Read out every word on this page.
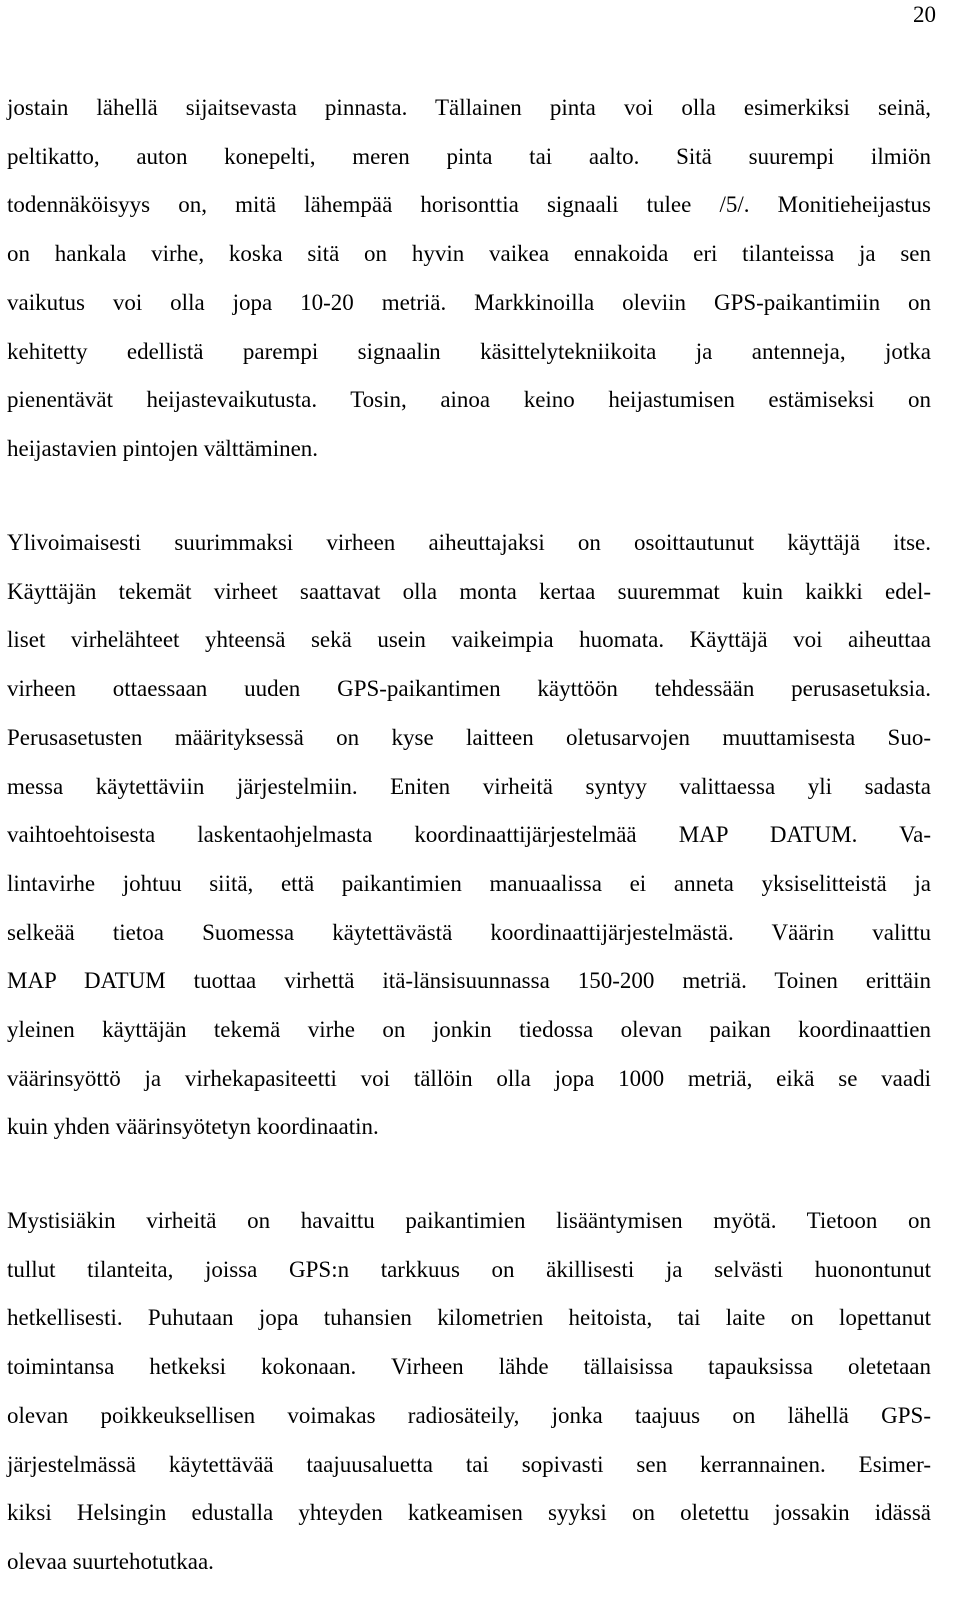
20
jostain lähellä sijaitsevasta pinnasta. Tällainen pinta voi olla esimerkiksi seinä,
peltikatto, auton konepelti, meren pinta tai aalto. Sitä suurempi ilmiön
todennäköisyys on, mitä lähempää horisonttia signaali tulee /5/. Monitieheijastus
on hankala virhe, koska sitä on hyvin vaikea ennakoida eri tilanteissa ja sen
vaikutus voi olla jopa 10-20 metriä. Markkinoilla oleviin GPS-paikantimiin on
kehitetty edellistä parempi signaalin käsittelytekniikoita ja antenneja, jotka
pienentävät heijastevaikutusta. Tosin, ainoa keino heijastumisen estämiseksi on
heijastavien pintojen välttäminen.
Ylivoimaisesti suurimmaksi virheen aiheuttajaksi on osoittautunut käyttäjä itse.
Käyttäjän tekemät virheet saattavat olla monta kertaa suuremmat kuin kaikki edel-
liset virhelähteet yhteensä sekä usein vaikeimpia huomata. Käyttäjä voi aiheuttaa
virheen ottaessaan uuden GPS-paikantimen käyttöön tehdessään perusasetuksia.
Perusasetusten määrityksessä on kyse laitteen oletusarvojen muuttamisesta Suo-
messa käytettäviin järjestelmiin. Eniten virheitä syntyy valittaessa yli sadasta
vaihtoehtoisesta laskentaohjelmasta koordinaattijärjestelmää MAP DATUM. Va-
lintavirhe johtuu siitä, että paikantimien manuaalissa ei anneta yksiselitteistä ja
selkeää tietoa Suomessa käytettävästä koordinaattijärjestelmästä. Väärin valittu
MAP DATUM tuottaa virhettä itä-länsisuunnassa 150-200 metriä. Toinen erittäin
yleinen käyttäjän tekemä virhe on jonkin tiedossa olevan paikan koordinaattien
väärinsyöttö ja virhekapasiteetti voi tällöin olla jopa 1000 metriä, eikä se vaadi
kuin yhden väärinsyötetyn koordinaatin.
Mystisiäkin virheitä on havaittu paikantimien lisääntymisen myötä. Tietoon on
tullut tilanteita, joissa GPS:n tarkkuus on äkillisesti ja selvästi huonontunut
hetkellisesti. Puhutaan jopa tuhansien kilometrien heitoista, tai laite on lopettanut
toimintansa hetkeksi kokonaan. Virheen lähde tällaisissa tapauksissa oletetaan
olevan poikkeuksellisen voimakas radiosäteily, jonka taajuus on lähellä GPS-
järjestelmässä käytettävää taajuusaluetta tai sopivasti sen kerrannainen. Esimer-
kiksi Helsingin edustalla yhteyden katkeamisen syyksi on oletettu jossakin idässä
olevaa suurtehotutkaa.
